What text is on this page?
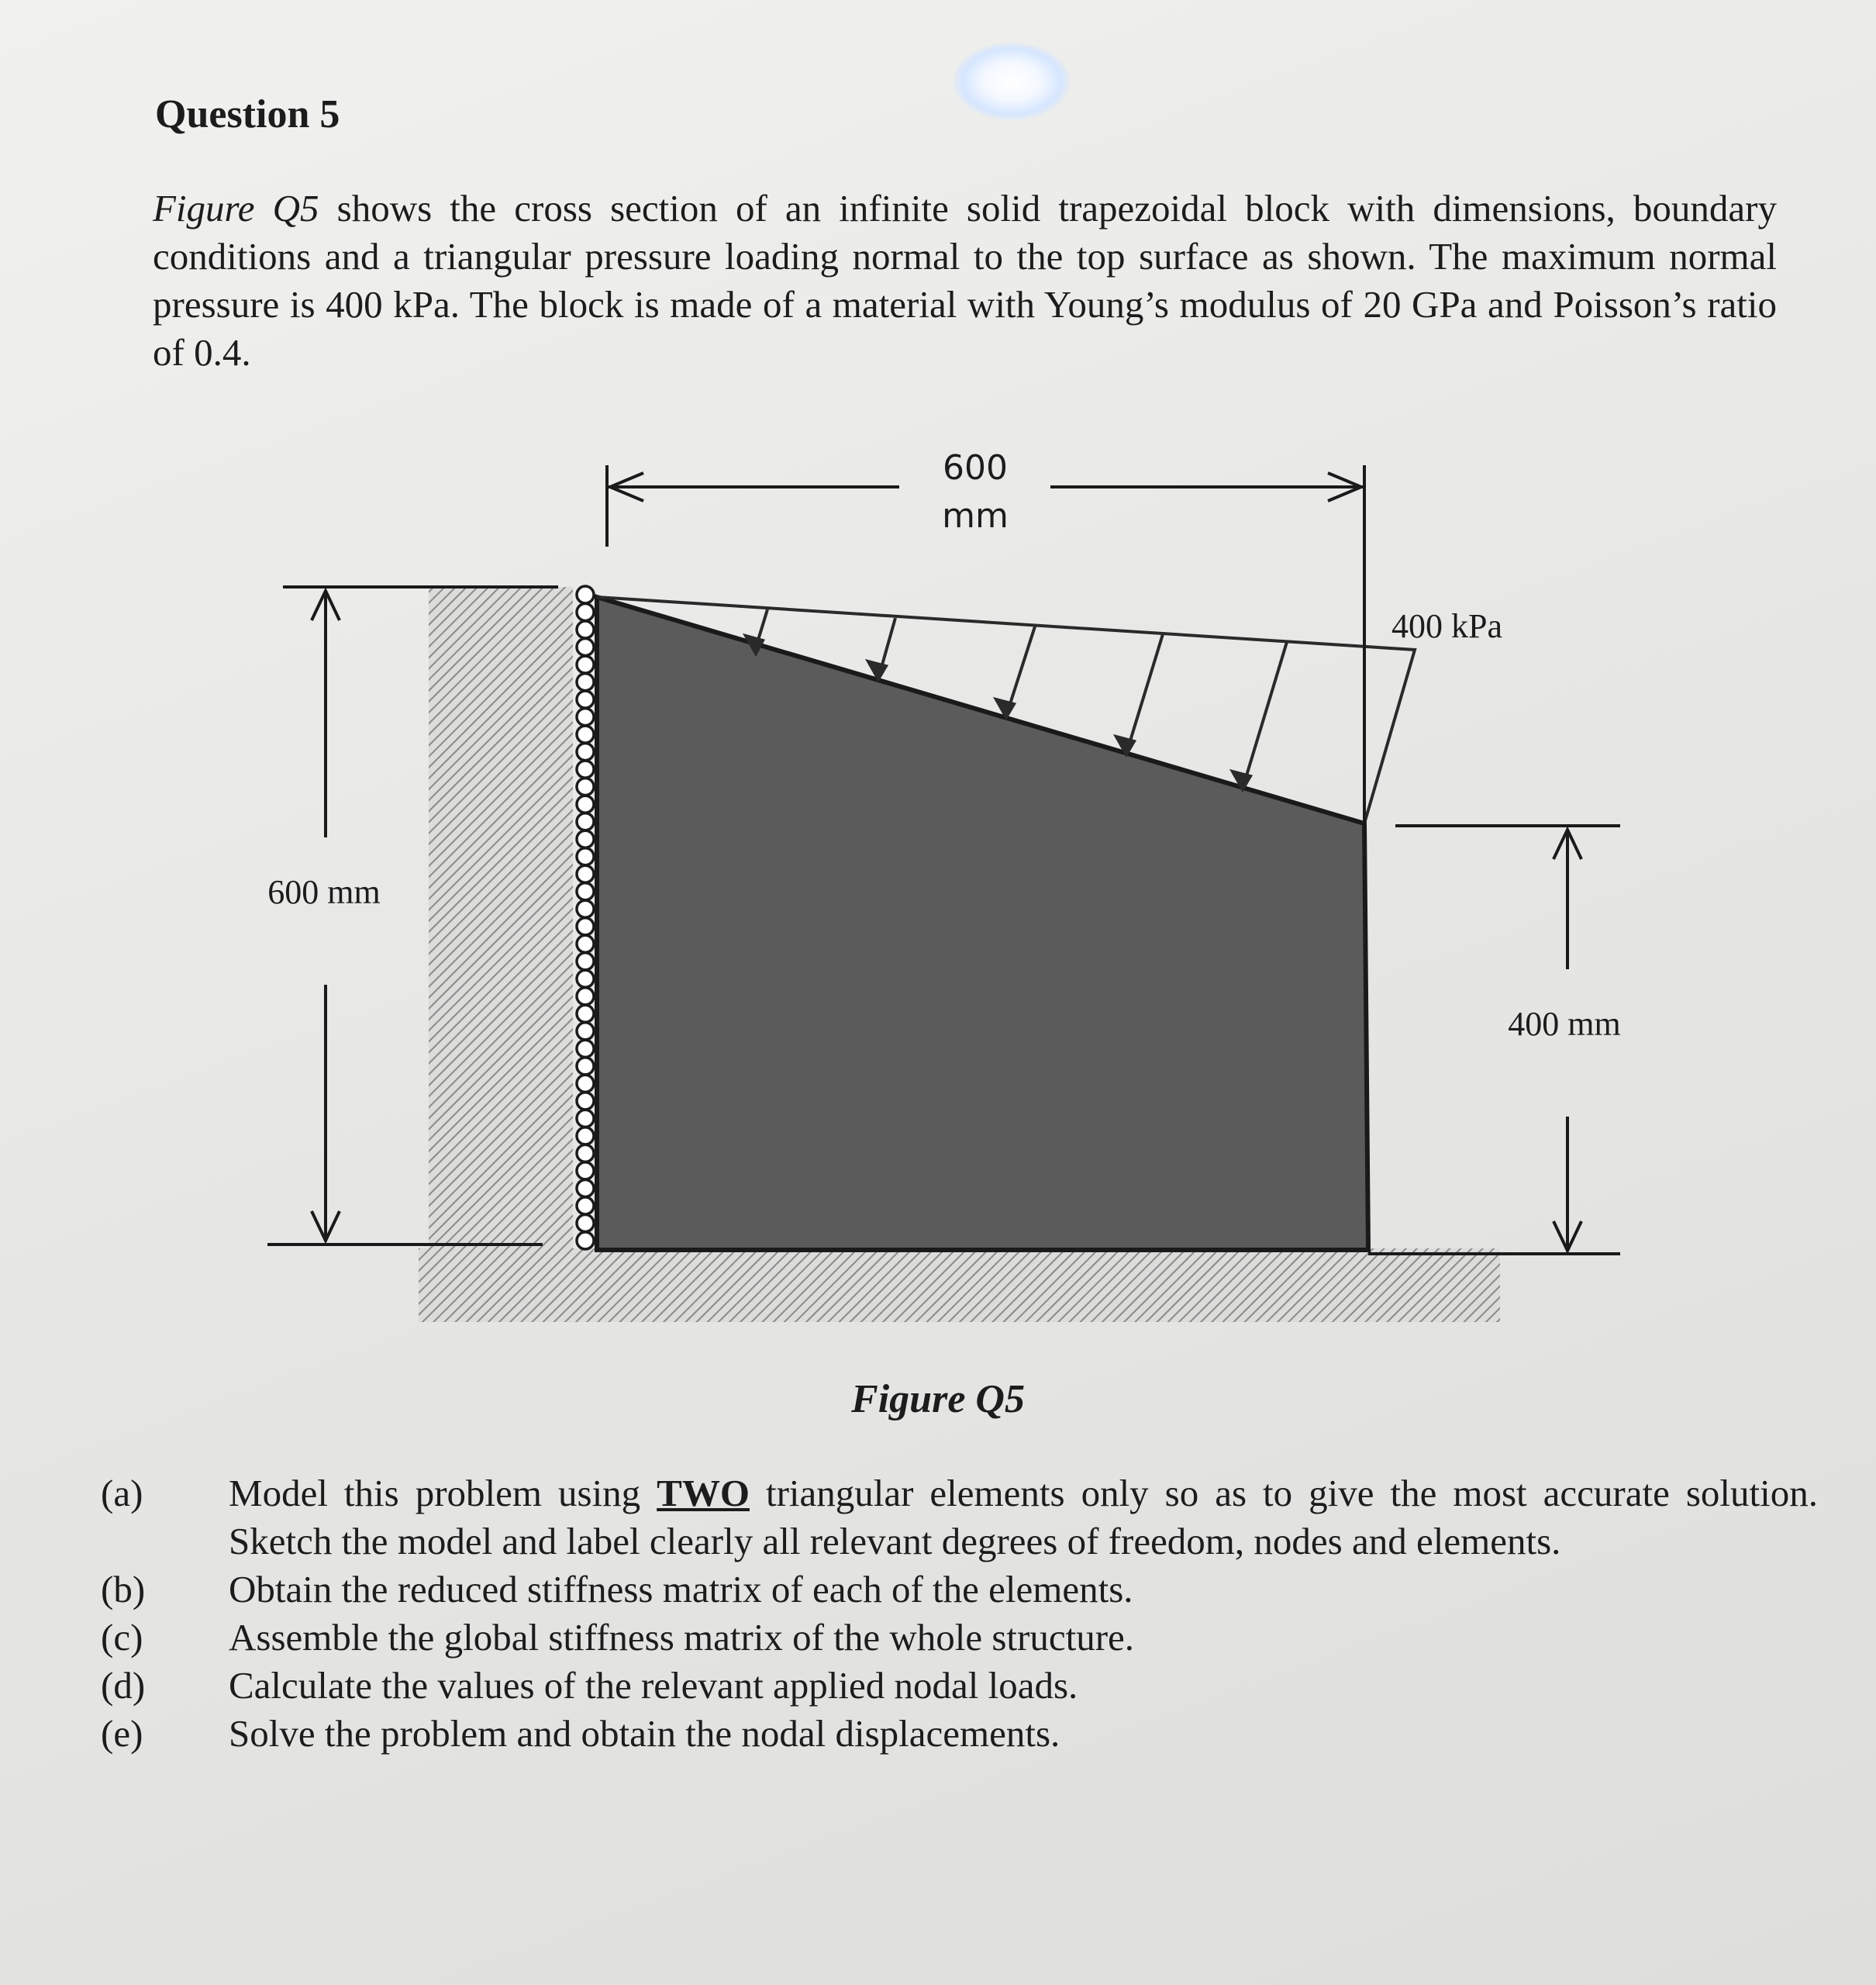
Question 5
Figure Q5 shows the cross section of an infinite solid trapezoidal block with dimensions, boundary conditions and a triangular pressure loading normal to the top surface as shown. The maximum normal pressure is 400 kPa. The block is made of a material with Young’s modulus of 20 GPa and Poisson’s ratio of 0.4.
400 kPa
600
mm
600 mm
400 mm
Figure Q5
(a)	Model this problem using TWO triangular elements only so as to give the most accurate solution. Sketch the model and label clearly all relevant degrees of freedom, nodes and elements.
(b)	Obtain the reduced stiffness matrix of each of the elements.
(c)	Assemble the global stiffness matrix of the whole structure.
(d)	Calculate the values of the relevant applied nodal loads.
(e)	Solve the problem and obtain the nodal displacements.
